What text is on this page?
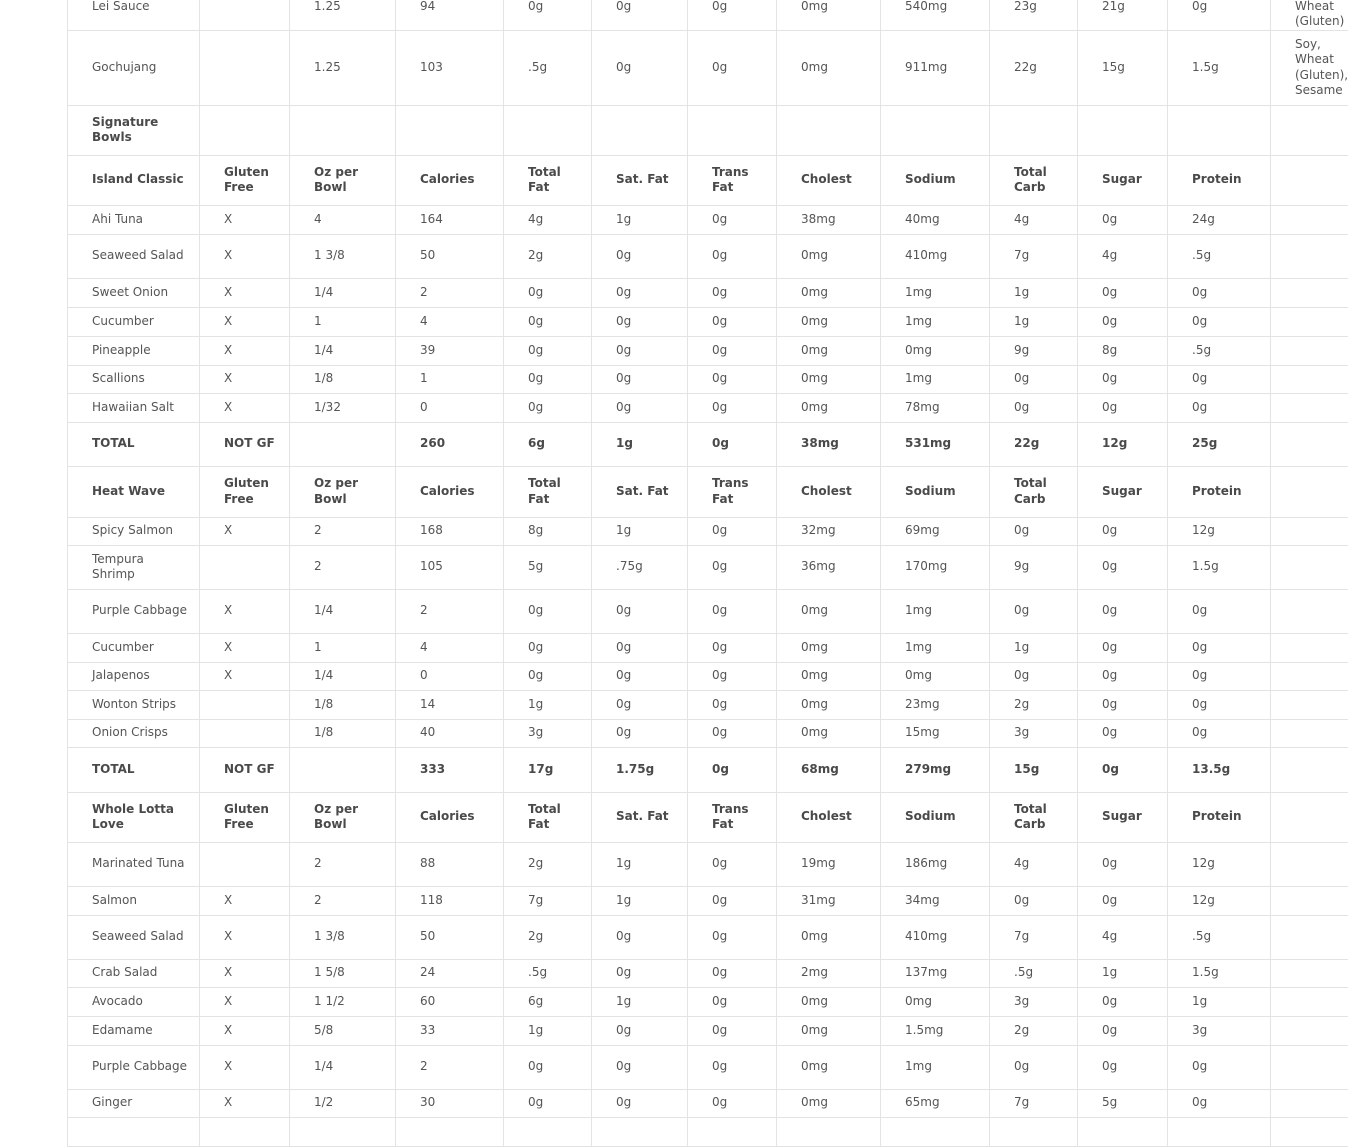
Lei Sauce		1.25	94	0g	0g	0g	0mg	540mg	23g	21g	0g	Wheat (Gluten)
Gochujang		1.25	103	.5g	0g	0g	0mg	911mg	22g	15g	1.5g	Soy, Wheat (Gluten), Sesame
Signature Bowls												
Island Classic	Gluten Free	Oz per Bowl	Calories	Total Fat	Sat. Fat	Trans Fat	Cholest	Sodium	Total Carb	Sugar	Protein	
Ahi Tuna	X	4	164	4g	1g	0g	38mg	40mg	4g	0g	24g	
Seaweed Salad	X	1 3/8	50	2g	0g	0g	0mg	410mg	7g	4g	.5g	
Sweet Onion	X	1/4	2	0g	0g	0g	0mg	1mg	1g	0g	0g	
Cucumber	X	1	4	0g	0g	0g	0mg	1mg	1g	0g	0g	
Pineapple	X	1/4	39	0g	0g	0g	0mg	0mg	9g	8g	.5g	
Scallions	X	1/8	1	0g	0g	0g	0mg	1mg	0g	0g	0g	
Hawaiian Salt	X	1/32	0	0g	0g	0g	0mg	78mg	0g	0g	0g	
TOTAL	NOT GF		260	6g	1g	0g	38mg	531mg	22g	12g	25g	
Heat Wave	Gluten Free	Oz per Bowl	Calories	Total Fat	Sat. Fat	Trans Fat	Cholest	Sodium	Total Carb	Sugar	Protein	
Spicy Salmon	X	2	168	8g	1g	0g	32mg	69mg	0g	0g	12g	
Tempura Shrimp		2	105	5g	.75g	0g	36mg	170mg	9g	0g	1.5g	
Purple Cabbage	X	1/4	2	0g	0g	0g	0mg	1mg	0g	0g	0g	
Cucumber	X	1	4	0g	0g	0g	0mg	1mg	1g	0g	0g	
Jalapenos	X	1/4	0	0g	0g	0g	0mg	0mg	0g	0g	0g	
Wonton Strips		1/8	14	1g	0g	0g	0mg	23mg	2g	0g	0g	
Onion Crisps		1/8	40	3g	0g	0g	0mg	15mg	3g	0g	0g	
TOTAL	NOT GF		333	17g	1.75g	0g	68mg	279mg	15g	0g	13.5g	
Whole Lotta Love	Gluten Free	Oz per Bowl	Calories	Total Fat	Sat. Fat	Trans Fat	Cholest	Sodium	Total Carb	Sugar	Protein	
Marinated Tuna		2	88	2g	1g	0g	19mg	186mg	4g	0g	12g	
Salmon	X	2	118	7g	1g	0g	31mg	34mg	0g	0g	12g	
Seaweed Salad	X	1 3/8	50	2g	0g	0g	0mg	410mg	7g	4g	.5g	
Crab Salad	X	1 5/8	24	.5g	0g	0g	2mg	137mg	.5g	1g	1.5g	
Avocado	X	1 1/2	60	6g	1g	0g	0mg	0mg	3g	0g	1g	
Edamame	X	5/8	33	1g	0g	0g	0mg	1.5mg	2g	0g	3g	
Purple Cabbage	X	1/4	2	0g	0g	0g	0mg	1mg	0g	0g	0g	
Ginger	X	1/2	30	0g	0g	0g	0mg	65mg	7g	5g	0g	
